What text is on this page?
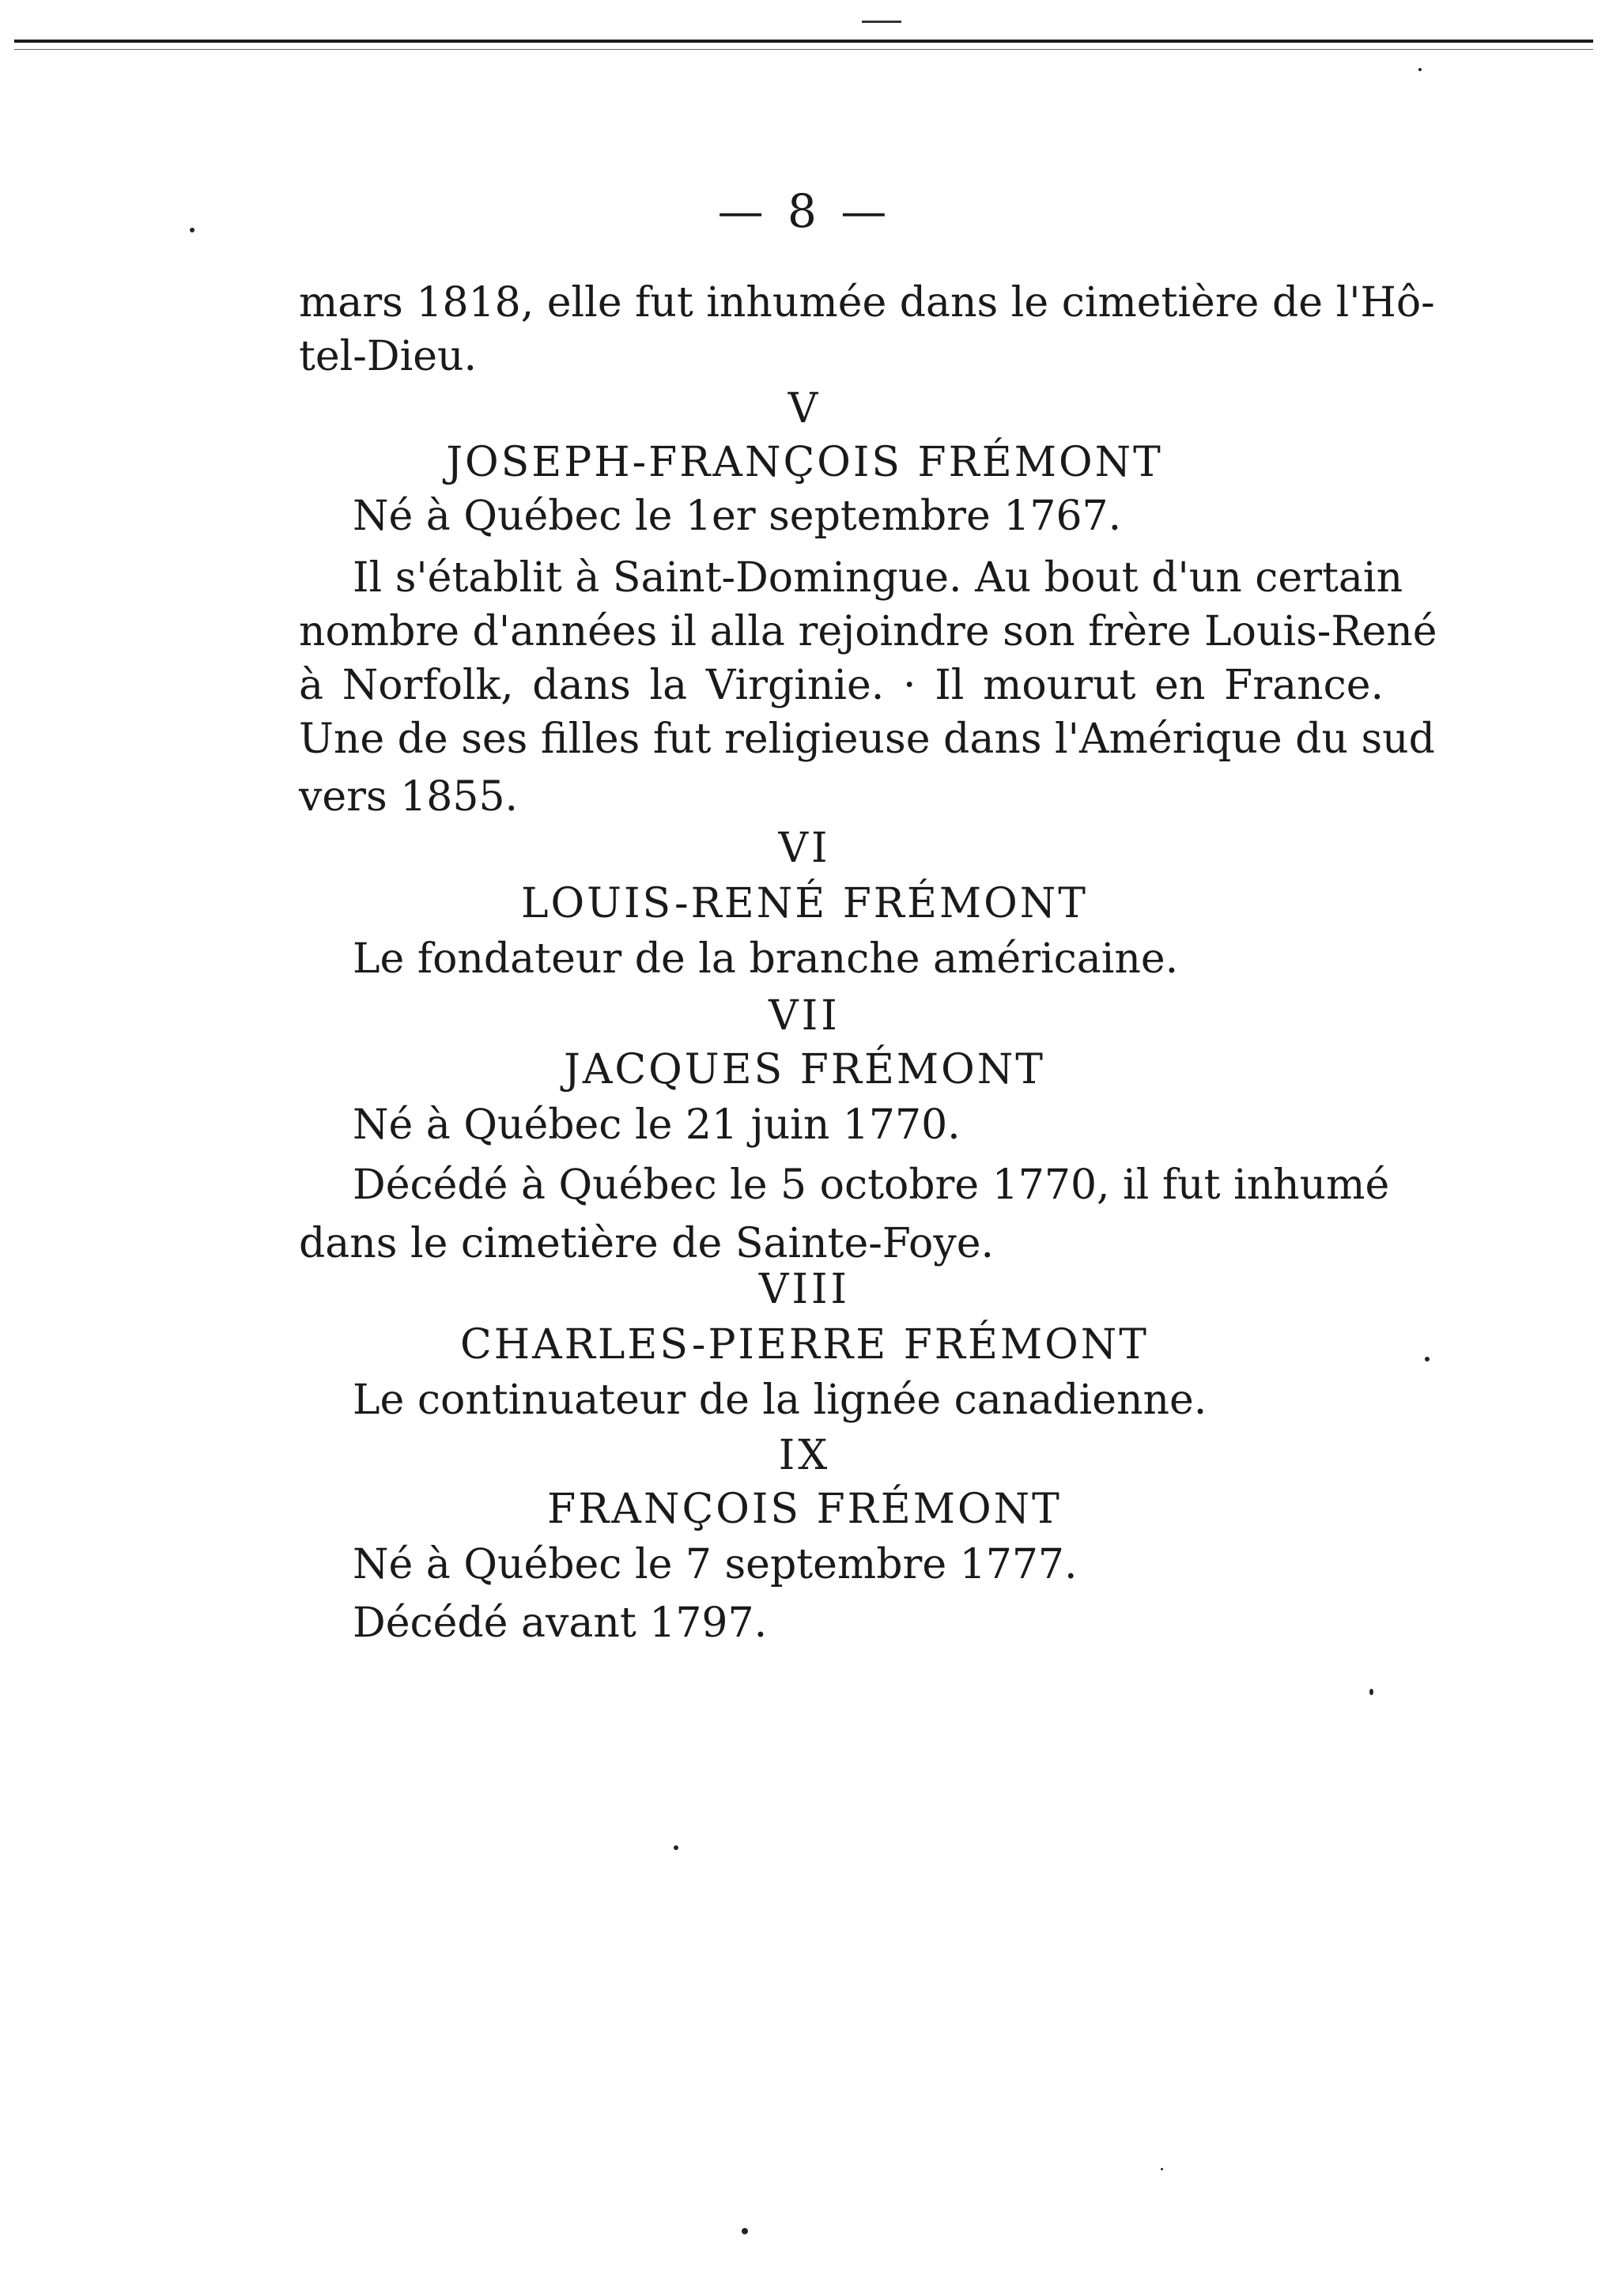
— 8 —
mars 1818, elle fut inhumée dans le cimetière de l'Hô-
tel-Dieu.
V
JOSEPH-FRANÇOIS FRÉMONT
Né à Québec le 1er septembre 1767.
Il s'établit à Saint-Domingue. Au bout d'un certain
nombre d'années il alla rejoindre son frère Louis-René
à Norfolk, dans la Virginie. · Il mourut en France.
Une de ses filles fut religieuse dans l'Amérique du sud
vers 1855.
VI
LOUIS-RENÉ FRÉMONT
Le fondateur de la branche américaine.
VII
JACQUES FRÉMONT
Né à Québec le 21 juin 1770.
Décédé à Québec le 5 octobre 1770, il fut inhumé
dans le cimetière de Sainte-Foye.
VIII
CHARLES-PIERRE FRÉMONT
Le continuateur de la lignée canadienne.
IX
FRANÇOIS FRÉMONT
Né à Québec le 7 septembre 1777.
Décédé avant 1797.
